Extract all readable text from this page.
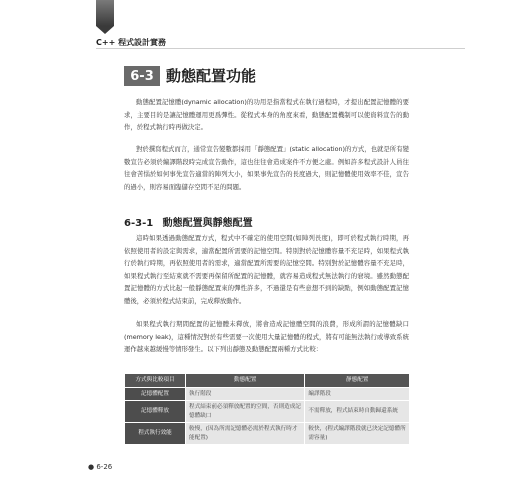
C++ 程式設計實務
6-3 動態配置功能

動態配置記憶體(dynamic allocation)的功用是指當程式在執行過程時，才提出配置記憶體的要求，主要目的是讓記憶體運用更爲彈性。從程式本身的角度來看，動態配置機制可以使資料宣告的動作，於程式執行時再做決定。

對於撰寫程式而言，通常宣告變數都採用「靜態配置」(static allocation)的方式，也就是所有變數宣告必須於編譯階段時完成宣告動作，這也往往會造成案件不方便之處。例如許多程式設計人員往往會苦惱於如何事先宣告適當的陣列大小，如果事先宣告的長度過大，則記憶體使用效率不佳，宣告的過小，則容易面臨儲存空間不足的問題。

6-3-1 動態配置與靜態配置

這時如果透過動態配置方式，程式中不確定的使用空間(如陣列長度)，即可於程式執行時期，再依照使用者的設定與需求，適當配置所需要的記憶空間。特別對於記憶體容量不充足時，如果程式執行於執行時期，再依照使用者的需求，適當配置所需要的記憶空間。特別對於記憶體容量不充足時，如果程式執行至結束就不需要再保留所配置的記憶體，就容易造成程式無法執行的窘境。雖然動態配置記憶體的方式比起一般靜態配置來的彈性許多，不過還是有些意想不到的缺點，例如動態配置記憶體後，必須於程式結束前，完成釋放動作。

如果程式執行期間配置的記憶體未釋放，將會造成記憶體空間的浪費，形成所謂的記憶體缺口(memory leak)，這種情況對於有些需要一次使用大量記憶體的程式，將有可能無法執行或導致系統運作越來越緩慢等情形發生。以下列出靜態及動態配置兩種方式比較：

方式與比較項目	動態配置	靜態配置
記憶體配置	執行階段	編譯階段
記憶體釋放	程式結束前必須釋放配置的空間，否則造成記憶體缺口	不需釋放，程式結束時自動歸還系統
程式執行效能	較慢，(因為所需記憶體必需於程式執行時才能配置)	較快，(程式編譯階段就已決定記憶體所需容量)
● 6-26
